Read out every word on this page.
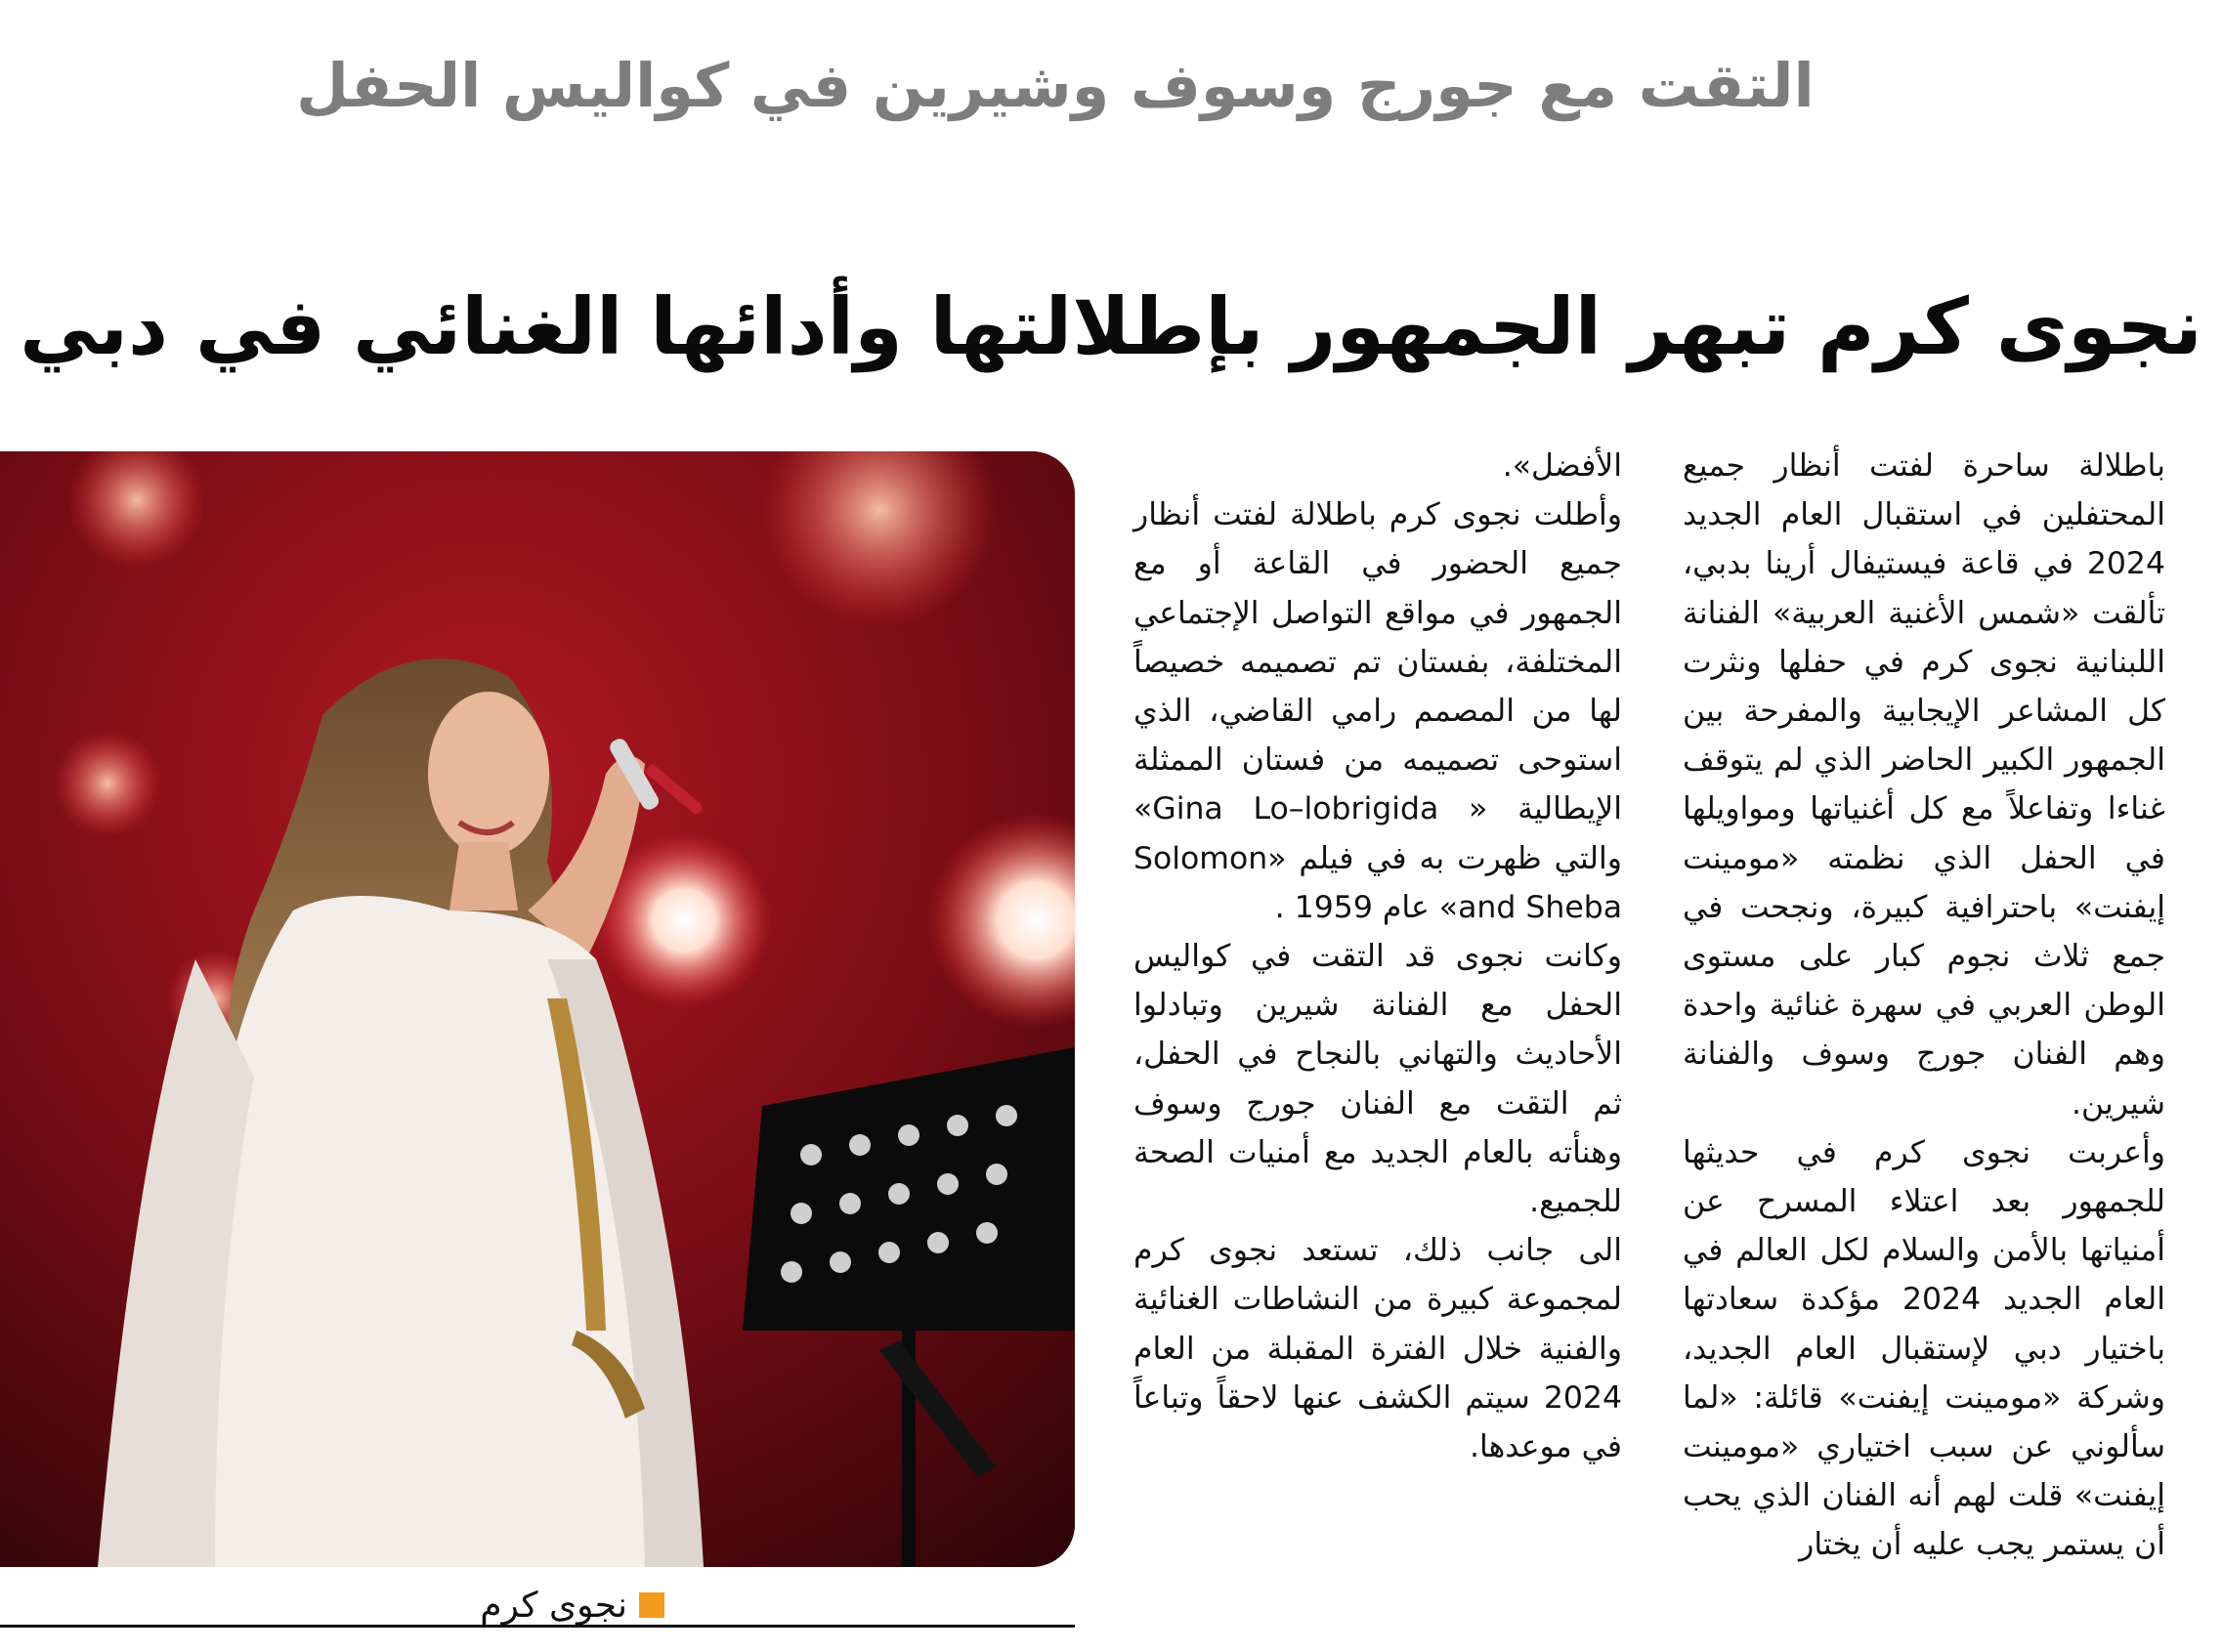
التقت مع جورج وسوف وشيرين في كواليس الحفل
نجوى كرم تبهر الجمهور بإطلالتها وأدائها الغنائي في دبي

باطلالة ساحرة لفتت أنظار جميع المحتفلين في استقبال العام الجديد 2024 في قاعة فيستيفال أرينا بدبي، تألقت «شمس الأغنية العربية» الفنانة اللبنانية نجوى كرم في حفلها ونثرت كل المشاعر الإيجابية والمفرحة بين الجمهور الكبير الحاضر الذي لم يتوقف غناءا وتفاعلاً مع كل أغنياتها ومواويلها في الحفل الذي نظمته «مومينت إيفنت» باحترافية كبيرة، ونجحت في جمع ثلاث نجوم كبار على مستوى الوطن العربي في سهرة غنائية واحدة وهم الفنان جورج وسوف والفنانة شيرين.

وأعربت نجوى كرم في حديثها للجمهور بعد اعتلاء المسرح عن أمنياتها بالأمن والسلام لكل العالم في العام الجديد 2024 مؤكدة سعادتها باختيار دبي لإستقبال العام الجديد، وشركة «مومينت إيفنت» قائلة: «لما سألوني عن سبب اختياري «مومينت إيفنت» قلت لهم أنه الفنان الذي يحب أن يستمر يجب عليه أن يختار

الأفضل».

وأطلت نجوى كرم باطلالة لفتت أنظار جميع الحضور في القاعة أو مع الجمهور في مواقع التواصل الإجتماعي المختلفة، بفستان تم تصميمه خصيصاً لها من المصمم رامي القاضي، الذي استوحى تصميمه من فستان الممثلة الإيطالية « Gina Lo–lobrigida» والتي ظهرت به في فيلم «Solomon and Sheba» عام 1959 .

وكانت نجوى قد التقت في كواليس الحفل مع الفنانة شيرين وتبادلوا الأحاديث والتهاني بالنجاح في الحفل، ثم التقت مع الفنان جورج وسوف وهنأته بالعام الجديد مع أمنيات الصحة للجميع.

الى جانب ذلك، تستعد نجوى كرم لمجموعة كبيرة من النشاطات الغنائية والفنية خلال الفترة المقبلة من العام 2024 سيتم الكشف عنها لاحقاً وتباعاً في موعدها.

نجوى كرم
